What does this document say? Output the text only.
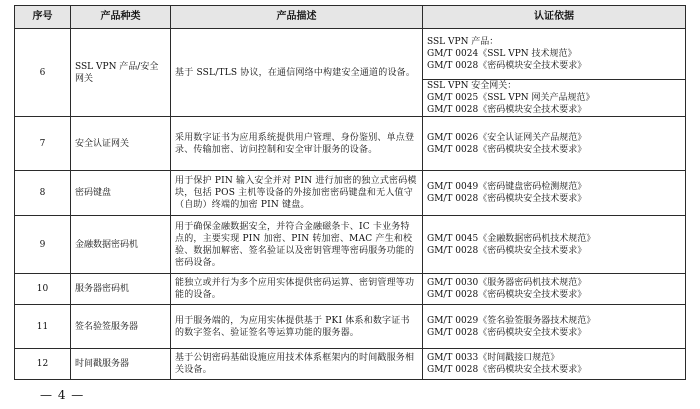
序号	产品种类	产品描述	认证依据
6	SSL VPN 产品/安全网关	基于 SSL/TLS 协议，在通信网络中构建安全通道的设备。	SSL VPN 产品：
GM/T 0024《SSL VPN 技术规范》
GM/T 0028《密码模块安全技术要求》

			SSL VPN 安全网关：
GM/T 0025《SSL VPN 网关产品规范》
GM/T 0028《密码模块安全技术要求》

7	安全认证网关	采用数字证书为应用系统提供用户管理、身份鉴别、单点登录、传输加密、访问控制和安全审计服务的设备。	GM/T 0026《安全认证网关产品规范》
GM/T 0028《密码模块安全技术要求》

8	密码键盘	用于保护 PIN 输入安全并对 PIN 进行加密的独立式密码模块，包括 POS 主机等设备的外接加密密码键盘和无人值守（自助）终端的加密 PIN 键盘。	GM/T 0049《密码键盘密码检测规范》
GM/T 0028《密码模块安全技术要求》

9	金融数据密码机	用于确保金融数据安全，并符合金融磁条卡、IC 卡业务特点的，主要实现 PIN 加密、PIN 转加密、MAC 产生和校验、数据加解密、签名验证以及密钥管理等密码服务功能的密码设备。	GM/T 0045《金融数据密码机技术规范》
GM/T 0028《密码模块安全技术要求》

10	服务器密码机	能独立或并行为多个应用实体提供密码运算、密钥管理等功能的设备。	GM/T 0030《服务器密码机技术规范》
GM/T 0028《密码模块安全技术要求》

11	签名验签服务器	用于服务端的，为应用实体提供基于 PKI 体系和数字证书的数字签名、验证签名等运算功能的服务器。	GM/T 0029《签名验签服务器技术规范》
GM/T 0028《密码模块安全技术要求》

12	时间戳服务器	基于公钥密码基础设施应用技术体系框架内的时间戳服务相关设备。	GM/T 0033《时间戳接口规范》
GM/T 0028《密码模块安全技术要求》
— 4 —
